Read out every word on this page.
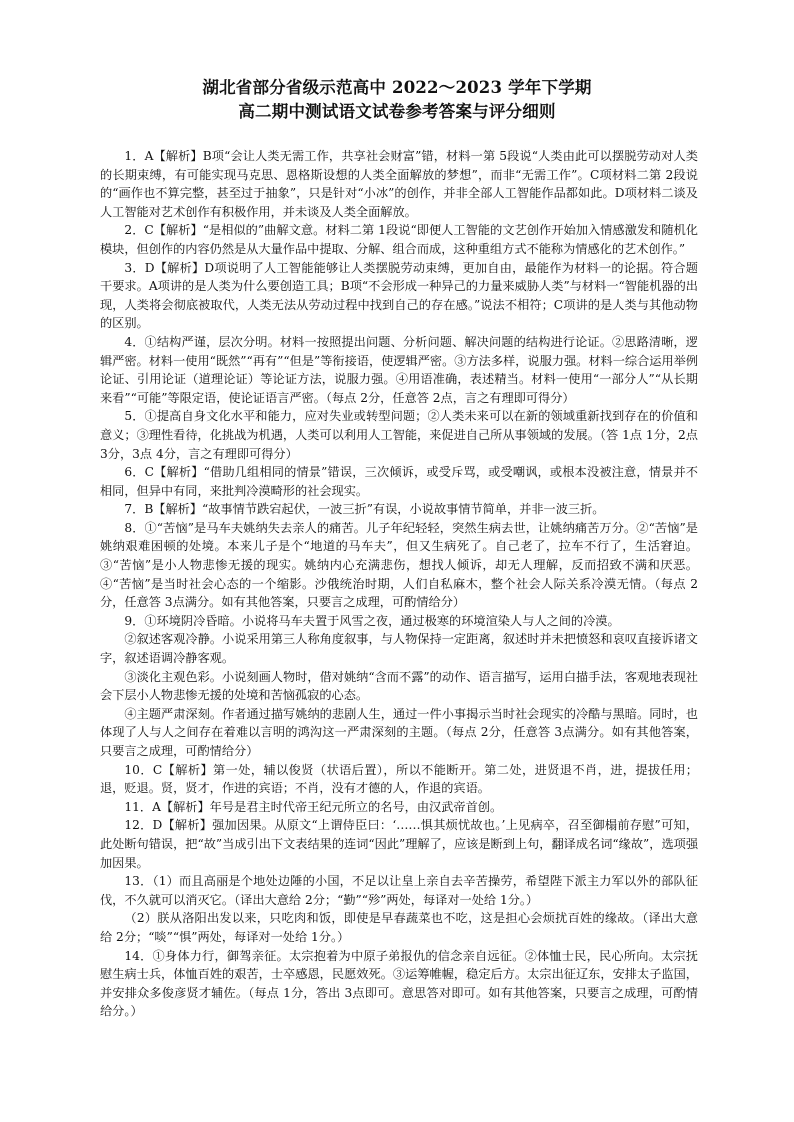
湖北省部分省级示范高中 2022～2023 学年下学期

高二期中测试语文试卷参考答案与评分细则

1．A【解析】B项“会让人类无需工作，共享社会财富”错，材料一第 5段说“人类由此可以摆脱劳动对人类的长期束缚，有可能实现马克思、恩格斯设想的人类全面解放的梦想”，而非“无需工作”。C项材料二第 2段说的“画作也不算完整，甚至过于抽象”，只是针对“小冰”的创作，并非全部人工智能作品都如此。D项材料二谈及人工智能对艺术创作有积极作用，并未谈及人类全面解放。

2．C【解析】“是相似的”曲解文意。材料二第 1段说“即便人工智能的文艺创作开始加入情感激发和随机化模块，但创作的内容仍然是从大量作品中提取、分解、组合而成，这种重组方式不能称为情感化的艺术创作。”

3．D【解析】D项说明了人工智能能够让人类摆脱劳动束缚，更加自由，最能作为材料一的论据。符合题干要求。A项讲的是人类为什么要创造工具；B项“不会形成一种异己的力量来威胁人类”与材料一“智能机器的出现，人类将会彻底被取代，人类无法从劳动过程中找到自己的存在感。”说法不相符；C项讲的是人类与其他动物的区别。

4．①结构严谨，层次分明。材料一按照提出问题、分析问题、解决问题的结构进行论证。②思路清晰，逻辑严密。材料一使用“既然”“再有”“但是”等衔接语，使逻辑严密。③方法多样，说服力强。材料一综合运用举例论证、引用论证（道理论证）等论证方法，说服力强。④用语准确，表述精当。材料一使用“一部分人”“从长期来看”“可能”等限定语，使论证语言严密。（每点 2分，任意答 2点，言之有理即可得分）

5．①提高自身文化水平和能力，应对失业或转型问题；②人类未来可以在新的领域重新找到存在的价值和意义；③理性看待，化挑战为机遇，人类可以利用人工智能，来促进自己所从事领域的发展。（答 1点 1分，2点 3分，3点 4分，言之有理即可得分）

6．C【解析】“借助几组相同的情景”错误，三次倾诉，或受斥骂，或受嘲讽，或根本没被注意，情景并不相同，但异中有同，来批判冷漠畸形的社会现实。

7．B【解析】“故事情节跌宕起伏，一波三折”有误，小说故事情节简单，并非一波三折。

8．①“苦恼”是马车夫姚纳失去亲人的痛苦。儿子年纪轻轻，突然生病去世，让姚纳痛苦万分。②“苦恼”是姚纳艰难困顿的处境。本来儿子是个“地道的马车夫”，但又生病死了。自己老了，拉车不行了，生活窘迫。③“苦恼”是小人物悲惨无援的现实。姚纳内心充满悲伤，想找人倾诉，却无人理解，反而招致不满和厌恶。④“苦恼”是当时社会心态的一个缩影。沙俄统治时期，人们自私麻木，整个社会人际关系冷漠无情。（每点 2分，任意答 3点满分。如有其他答案，只要言之成理，可酌情给分）

9．①环境阴冷昏暗。小说将马车夫置于风雪之夜，通过极寒的环境渲染人与人之间的冷漠。

②叙述客观冷静。小说采用第三人称角度叙事，与人物保持一定距离，叙述时并未把愤怒和哀叹直接诉诸文字，叙述语调冷静客观。

③淡化主观色彩。小说刻画人物时，借对姚纳“含而不露”的动作、语言描写，运用白描手法，客观地表现社会下层小人物悲惨无援的处境和苦恼孤寂的心态。

④主题严肃深刻。作者通过描写姚纳的悲剧人生，通过一件小事揭示当时社会现实的冷酷与黑暗。同时，也体现了人与人之间存在着难以言明的鸿沟这一严肃深刻的主题。（每点 2分，任意答 3点满分。如有其他答案，只要言之成理，可酌情给分）

10．C【解析】第一处，辅以俊贤（状语后置），所以不能断开。第二处，进贤退不肖，进，提拔任用；退，贬退。贤，贤才，作进的宾语；不肖，没有才德的人，作退的宾语。

11．A【解析】年号是君主时代帝王纪元所立的名号，由汉武帝首创。

12．D【解析】强加因果。从原文“上谓侍臣曰：‘……惧其烦忧故也。’上见病卒，召至御榻前存慰”可知，此处断句错误，把“故”当成引出下文表结果的连词“因此”理解了，应该是断到上句，翻译成名词“缘故”，选项强加因果。

13．（1）而且高丽是个地处边陲的小国，不足以让皇上亲自去辛苦操劳，希望陛下派主力军以外的部队征伐，不久就可以消灭它。（译出大意给 2分；“勤”“殄”两处，每译对一处给 1分。）

（2）朕从洛阳出发以来，只吃肉和饭，即使是早春蔬菜也不吃，这是担心会烦扰百姓的缘故。（译出大意给 2分；“啖”“惧”两处，每译对一处给 1分。）

14．①身体力行，御驾亲征。太宗抱着为中原子弟报仇的信念亲自远征。②体恤士民，民心所向。太宗抚慰生病士兵，体恤百姓的艰苦，士卒感恩，民愿效死。③运筹帷幄，稳定后方。太宗出征辽东，安排太子监国，并安排众多俊彦贤才辅佐。（每点 1分，答出 3点即可。意思答对即可。如有其他答案，只要言之成理，可酌情给分。）
